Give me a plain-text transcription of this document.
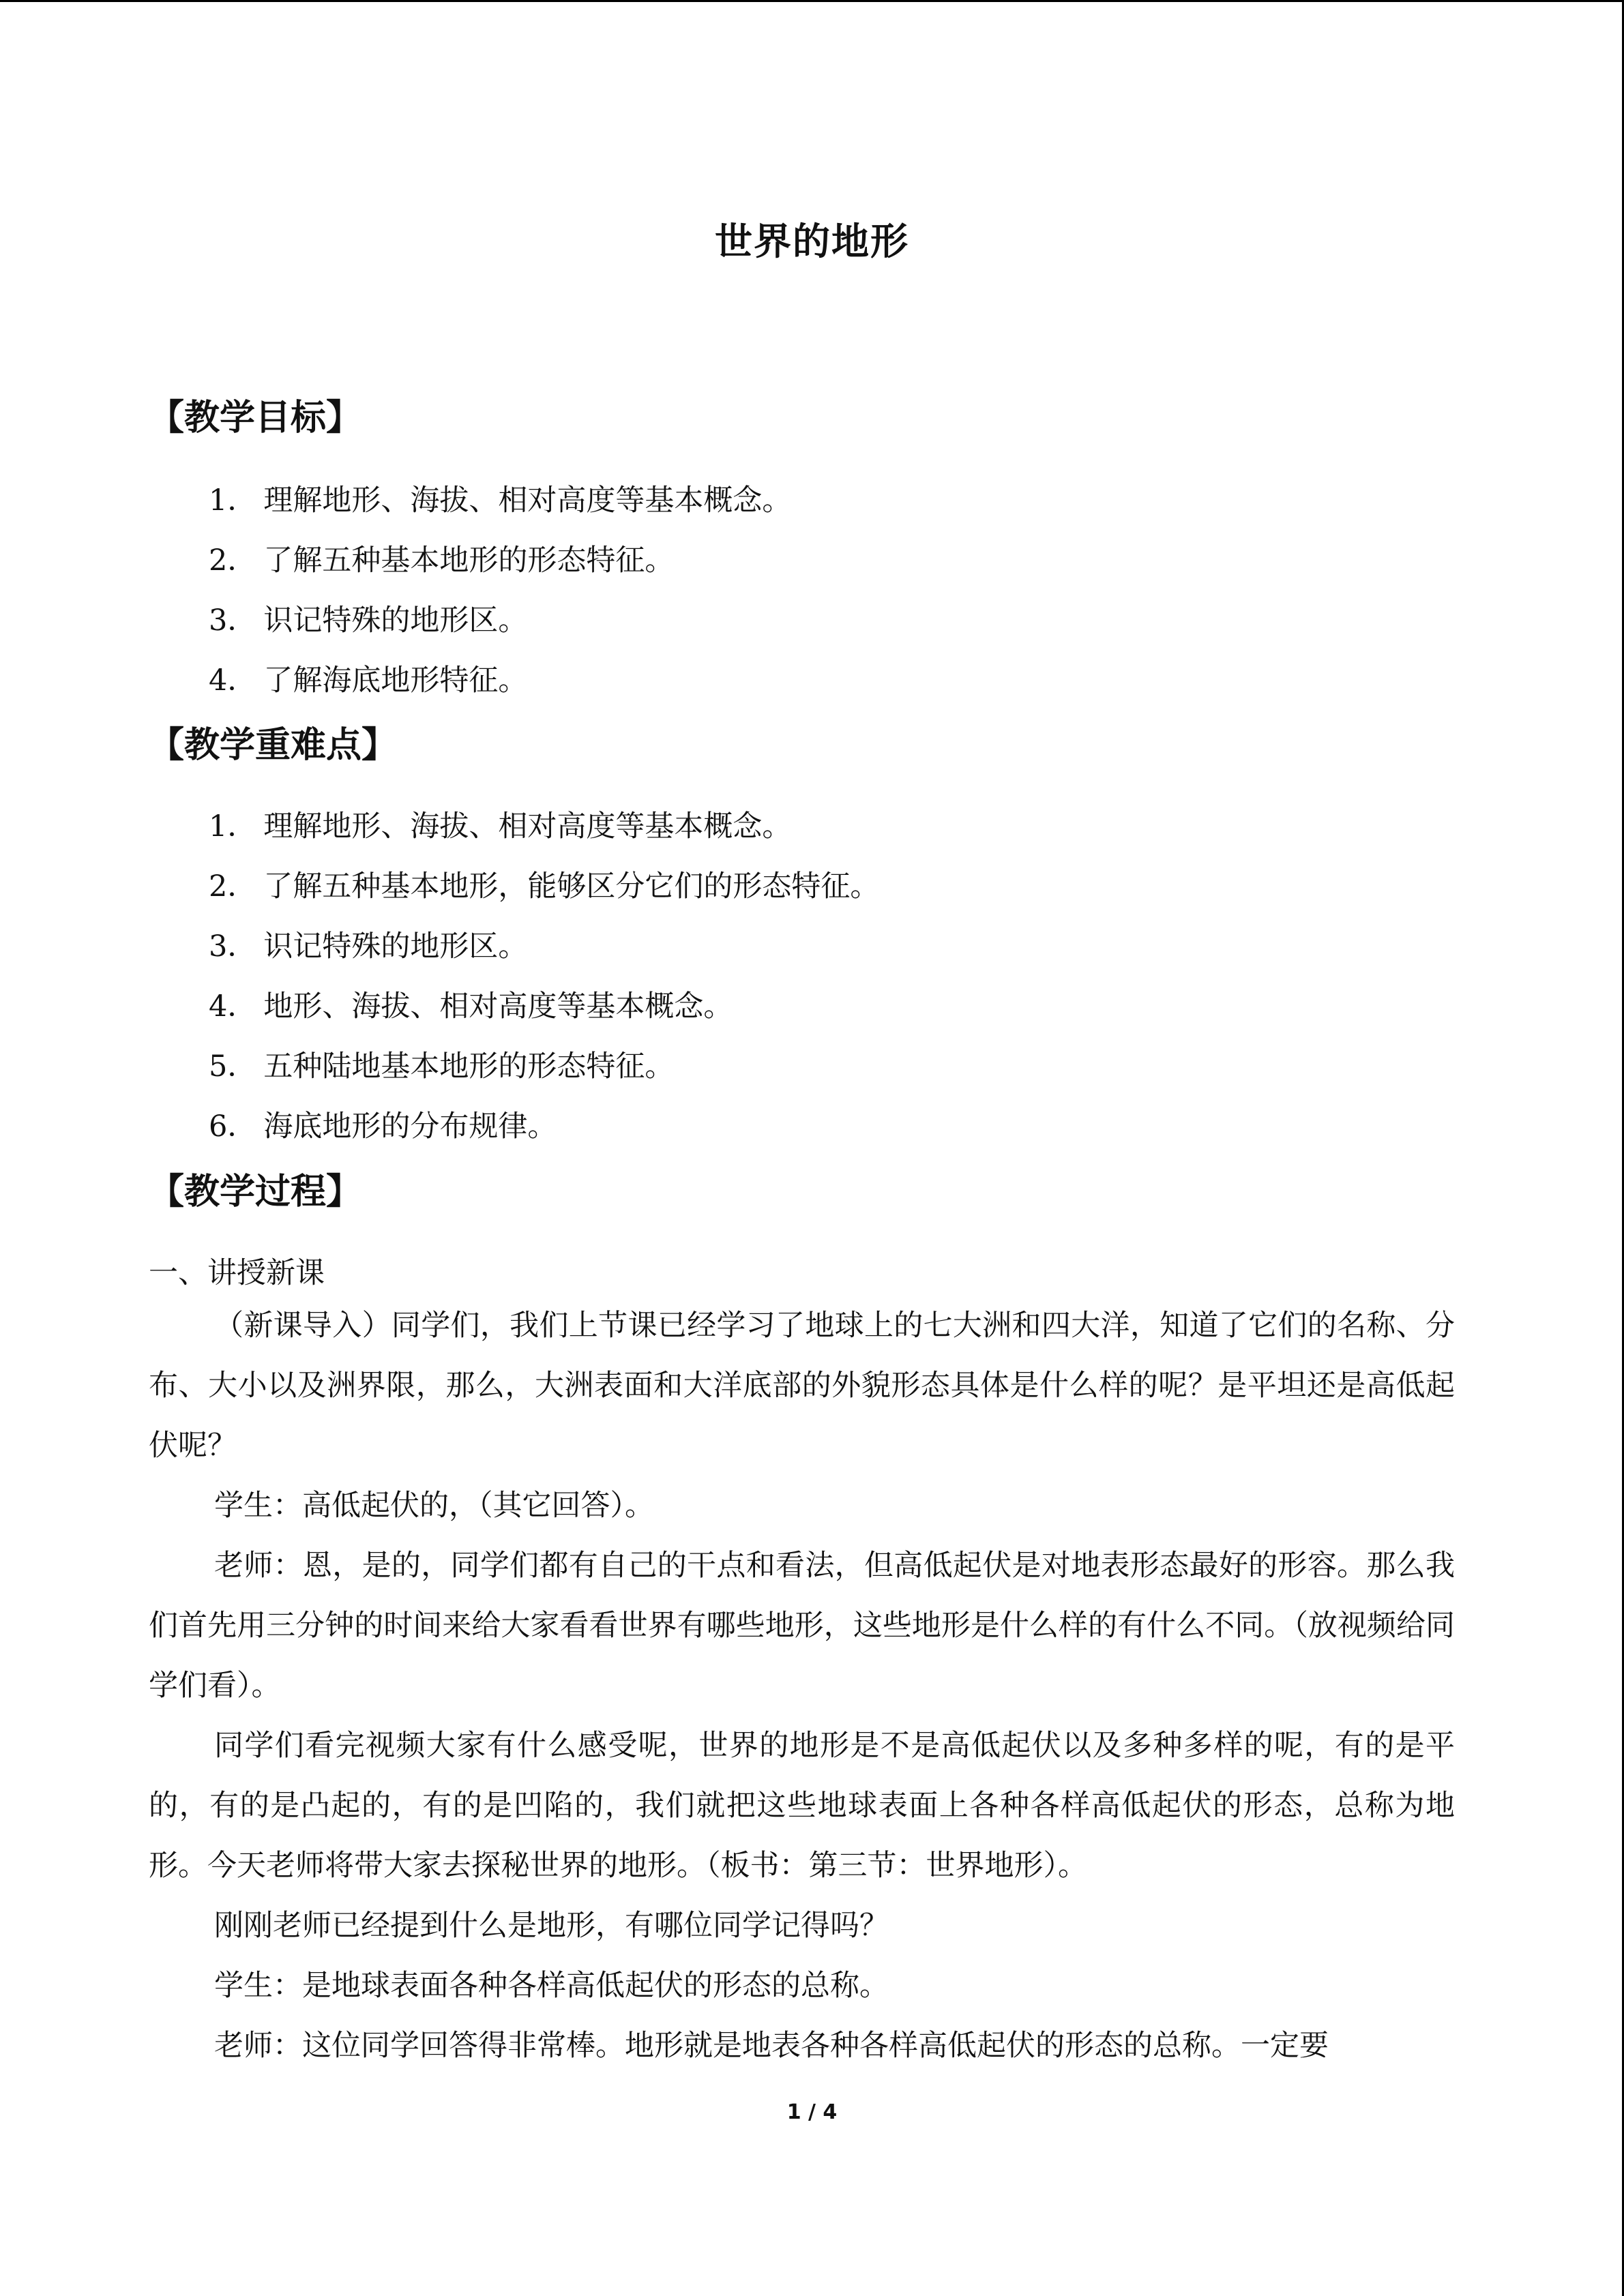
世界的地形
【教学目标】
1． 理解地形、海拔、相对高度等基本概念。
2． 了解五种基本地形的形态特征。
3． 识记特殊的地形区。
4． 了解海底地形特征。
【教学重难点】
1． 理解地形、海拔、相对高度等基本概念。
2． 了解五种基本地形，能够区分它们的形态特征。
3． 识记特殊的地形区。
4． 地形、海拔、相对高度等基本概念。
5． 五种陆地基本地形的形态特征。
6． 海底地形的分布规律。
【教学过程】
一、讲授新课
（新课导入）同学们，我们上节课已经学习了地球上的七大洲和四大洋，知道了它们的名称、分布、大小以及洲界限，那么，大洲表面和大洋底部的外貌形态具体是什么样的呢？是平坦还是高低起伏呢？
学生：高低起伏的，（其它回答）。
老师：恩，是的，同学们都有自己的干点和看法，但高低起伏是对地表形态最好的形容。那么我们首先用三分钟的时间来给大家看看世界有哪些地形，这些地形是什么样的有什么不同。（放视频给同学们看）。
同学们看完视频大家有什么感受呢，世界的地形是不是高低起伏以及多种多样的呢，有的是平的，有的是凸起的，有的是凹陷的，我们就把这些地球表面上各种各样高低起伏的形态，总称为地形。今天老师将带大家去探秘世界的地形。（板书：第三节：世界地形）。
刚刚老师已经提到什么是地形，有哪位同学记得吗？
学生：是地球表面各种各样高低起伏的形态的总称。
老师：这位同学回答得非常棒。地形就是地表各种各样高低起伏的形态的总称。一定要
1 / 4
